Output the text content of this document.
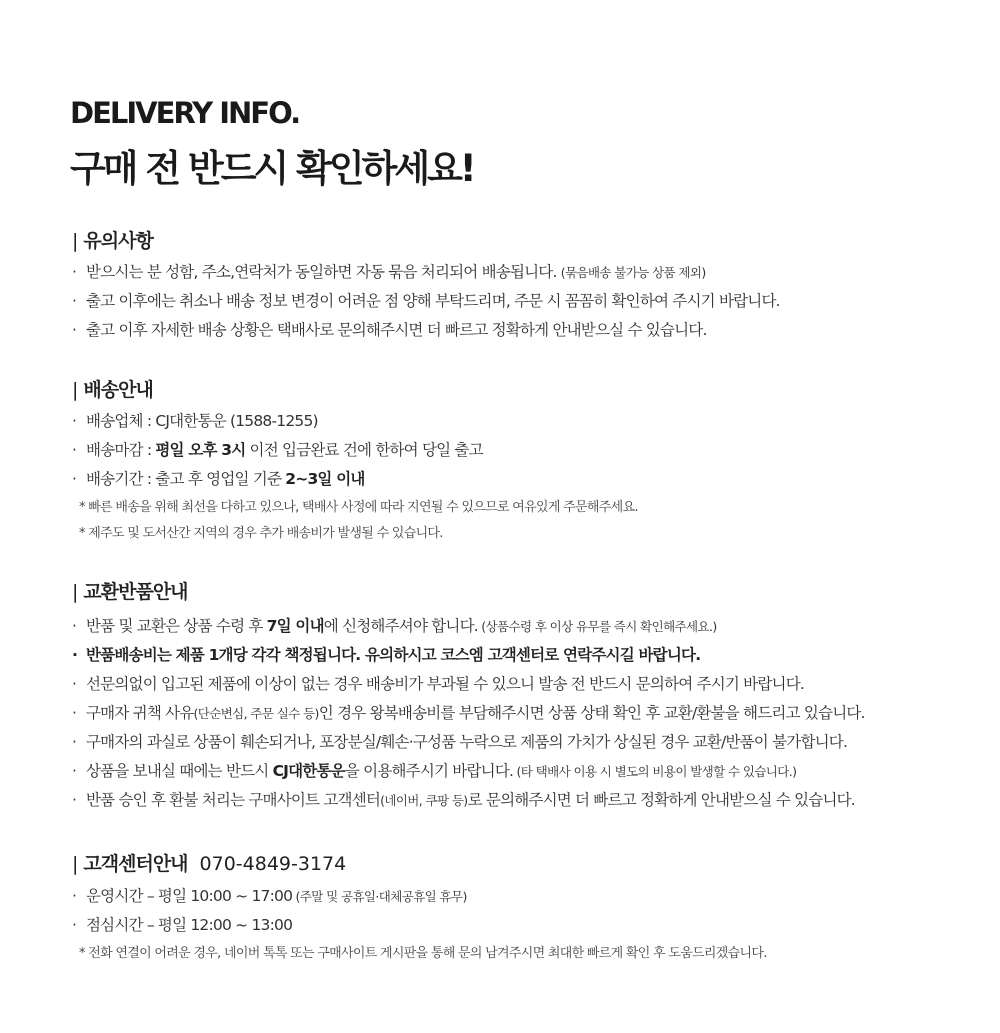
DELIVERY INFO.
구매 전 반드시 확인하세요!
| 유의사항
· 받으시는 분 성함, 주소,연락처가 동일하면 자동 묶음 처리되어 배송됩니다. (묶음배송 불가능 상품 제외)
· 출고 이후에는 취소나 배송 정보 변경이 어려운 점 양해 부탁드리며, 주문 시 꼼꼼히 확인하여 주시기 바랍니다.
· 출고 이후 자세한 배송 상황은 택배사로 문의해주시면 더 빠르고 정확하게 안내받으실 수 있습니다.
| 배송안내
· 배송업체 : CJ대한통운 (1588-1255)
· 배송마감 : 평일 오후 3시 이전 입금완료 건에 한하여 당일 출고
· 배송기간 : 출고 후 영업일 기준 2~3일 이내
* 빠른 배송을 위해 최선을 다하고 있으나, 택배사 사정에 따라 지연될 수 있으므로 여유있게 주문해주세요.
* 제주도 및 도서산간 지역의 경우 추가 배송비가 발생될 수 있습니다.
| 교환반품안내
· 반품 및 교환은 상품 수령 후 7일 이내에 신청해주셔야 합니다. (상품수령 후 이상 유무를 즉시 확인해주세요.)
· 반품배송비는 제품 1개당 각각 책정됩니다. 유의하시고 코스엠 고객센터로 연락주시길 바랍니다.
· 선문의없이 입고된 제품에 이상이 없는 경우 배송비가 부과될 수 있으니 발송 전 반드시 문의하여 주시기 바랍니다.
· 구매자 귀책 사유(단순변심, 주문 실수 등)인 경우 왕복배송비를 부담해주시면 상품 상태 확인 후 교환/환불을 해드리고 있습니다.
· 구매자의 과실로 상품이 훼손되거나, 포장분실/훼손·구성품 누락으로 제품의 가치가 상실된 경우 교환/반품이 불가합니다.
· 상품을 보내실 때에는 반드시 CJ대한통운을 이용해주시기 바랍니다. (타 택배사 이용 시 별도의 비용이 발생할 수 있습니다.)
· 반품 승인 후 환불 처리는 구매사이트 고객센터(네이버, 쿠팡 등)로 문의해주시면 더 빠르고 정확하게 안내받으실 수 있습니다.
| 고객센터안내 070-4849-3174
· 운영시간 – 평일 10:00 ~ 17:00 (주말 및 공휴일·대체공휴일 휴무)
· 점심시간 – 평일 12:00 ~ 13:00
* 전화 연결이 어려운 경우, 네이버 톡톡 또는 구매사이트 게시판을 통해 문의 남겨주시면 최대한 빠르게 확인 후 도움드리겠습니다.
